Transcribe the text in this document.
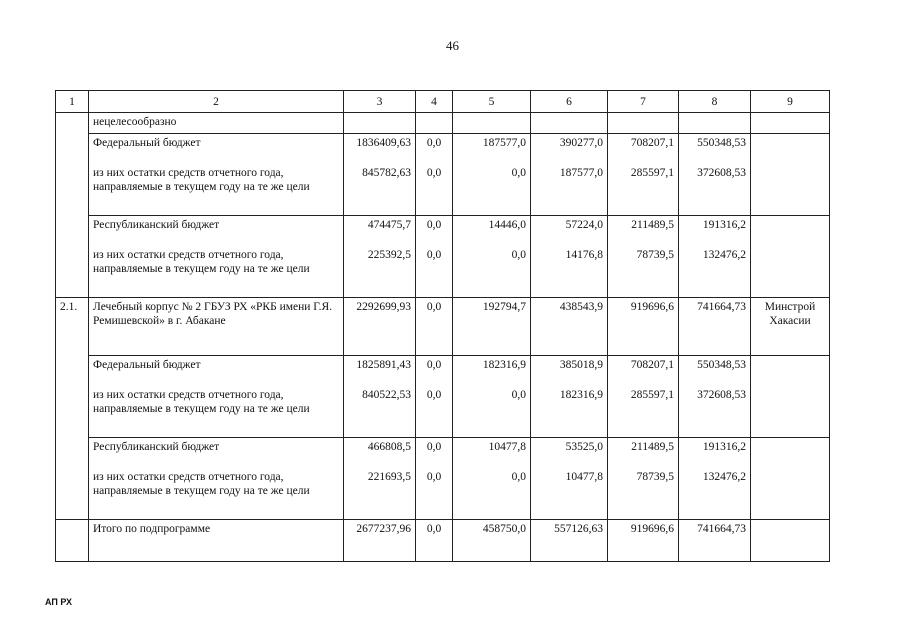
46
1	2	3	4	5	6	7	8	9
	нецелесообразно							
	Федеральный бюджет	1836409,63	0,0	187577,0	390277,0	708207,1	550348,53	
	из них остатки средств отчетного года, направляемые в текущем году на те же цели	845782,63	0,0	0,0	187577,0	285597,1	372608,53	
	Республиканский бюджет	474475,7	0,0	14446,0	57224,0	211489,5	191316,2	
	из них остатки средств отчетного года, направляемые в текущем году на те же цели	225392,5	0,0	0,0	14176,8	78739,5	132476,2	
2.1.	Лечебный корпус № 2 ГБУЗ РХ «РКБ имени Г.Я. Ремишевской» в г. Абакане	2292699,93	0,0	192794,7	438543,9	919696,6	741664,73	Минстрой Хакасии
	Федеральный бюджет	1825891,43	0,0	182316,9	385018,9	708207,1	550348,53	
	из них остатки средств отчетного года, направляемые в текущем году на те же цели	840522,53	0,0	0,0	182316,9	285597,1	372608,53	
	Республиканский бюджет	466808,5	0,0	10477,8	53525,0	211489,5	191316,2	
	из них остатки средств отчетного года, направляемые в текущем году на те же цели	221693,5	0,0	0,0	10477,8	78739,5	132476,2	
	Итого по подпрограмме	2677237,96	0,0	458750,0	557126,63	919696,6	741664,73	
АП РХ
